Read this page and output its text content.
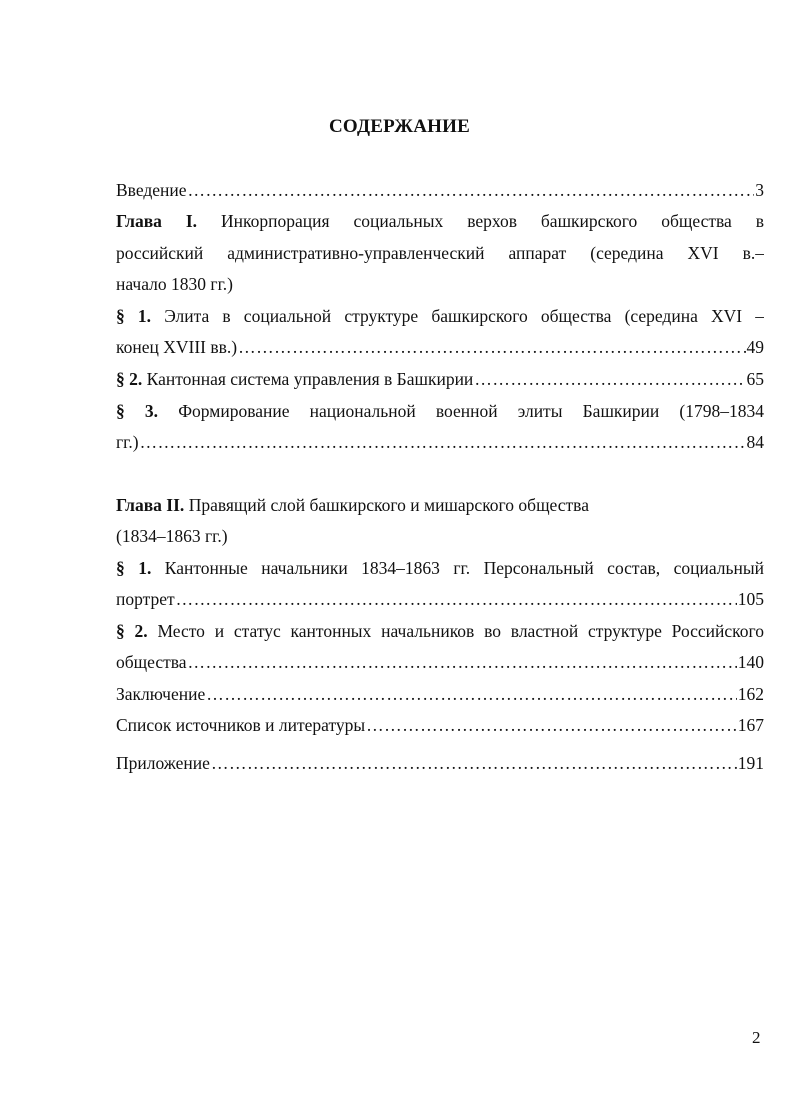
СОДЕРЖАНИЕ
Введение ……………………………………………………………………………………………………………………………………………………………………………………	3
Глава I. Инкорпорация социальных верхов башкирского общества в
российский административно-управленческий аппарат (середина XVI в.–
начало 1830 гг.)
§ 1. Элита в социальной структуре башкирского общества (середина XVI –
конец XVIII вв.) ……………………………………………………………………………………………………………………………………………………………………………………	49
§ 2. Кантонная система управления в Башкирии ……………………………………………………………………………………………………………………………………………………………………………………	65
§ 3. Формирование национальной военной элиты Башкирии (1798–1834
гг.) ……………………………………………………………………………………………………………………………………………………………………………………	84
Глава II. Правящий слой башкирского и мишарского общества
(1834–1863 гг.)
§ 1. Кантонные начальники 1834–1863 гг. Персональный состав, социальный
портрет ……………………………………………………………………………………………………………………………………………………………………………………	105
§ 2. Место и статус кантонных начальников во властной структуре Российского
общества ……………………………………………………………………………………………………………………………………………………………………………………	140
Заключение ……………………………………………………………………………………………………………………………………………………………………………………	162
Список источников и литературы ……………………………………………………………………………………………………………………………………………………………………………………	167
Приложение ……………………………………………………………………………………………………………………………………………………………………………………	191
2
